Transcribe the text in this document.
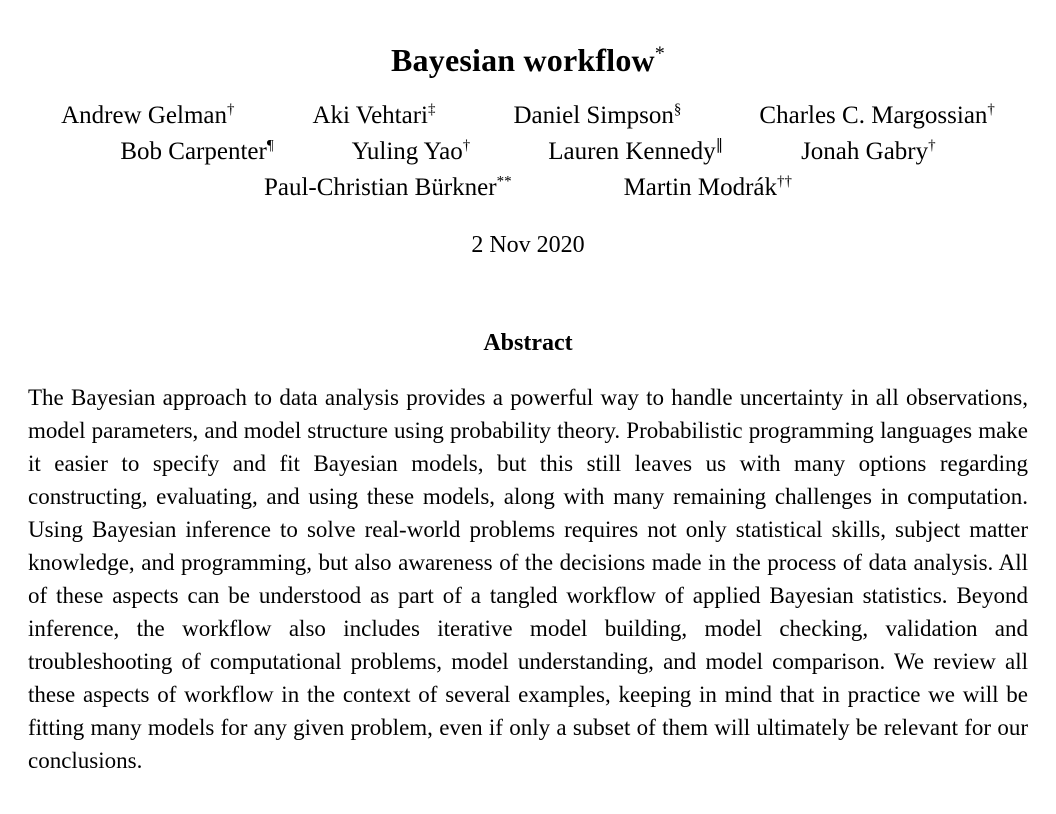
Bayesian workflow*
Andrew Gelman†	Aki Vehtari‡	Daniel Simpson§	Charles C. Margossian†
Bob Carpenter¶	Yuling Yao†	Lauren Kennedy∥	Jonah Gabry†
Paul-Christian Bürkner**	Martin Modrák††
2 Nov 2020
Abstract

The Bayesian approach to data analysis provides a powerful way to handle uncertainty in all observations, model parameters, and model structure using probability theory. Probabilistic programming languages make it easier to specify and fit Bayesian models, but this still leaves us with many options regarding constructing, evaluating, and using these models, along with many remaining challenges in computation. Using Bayesian inference to solve real-world problems requires not only statistical skills, subject matter knowledge, and programming, but also awareness of the decisions made in the process of data analysis. All of these aspects can be understood as part of a tangled workflow of applied Bayesian statistics. Beyond inference, the workflow also includes iterative model building, model checking, validation and troubleshooting of computational problems, model understanding, and model comparison. We review all these aspects of workflow in the context of several examples, keeping in mind that in practice we will be fitting many models for any given problem, even if only a subset of them will ultimately be relevant for our conclusions.
